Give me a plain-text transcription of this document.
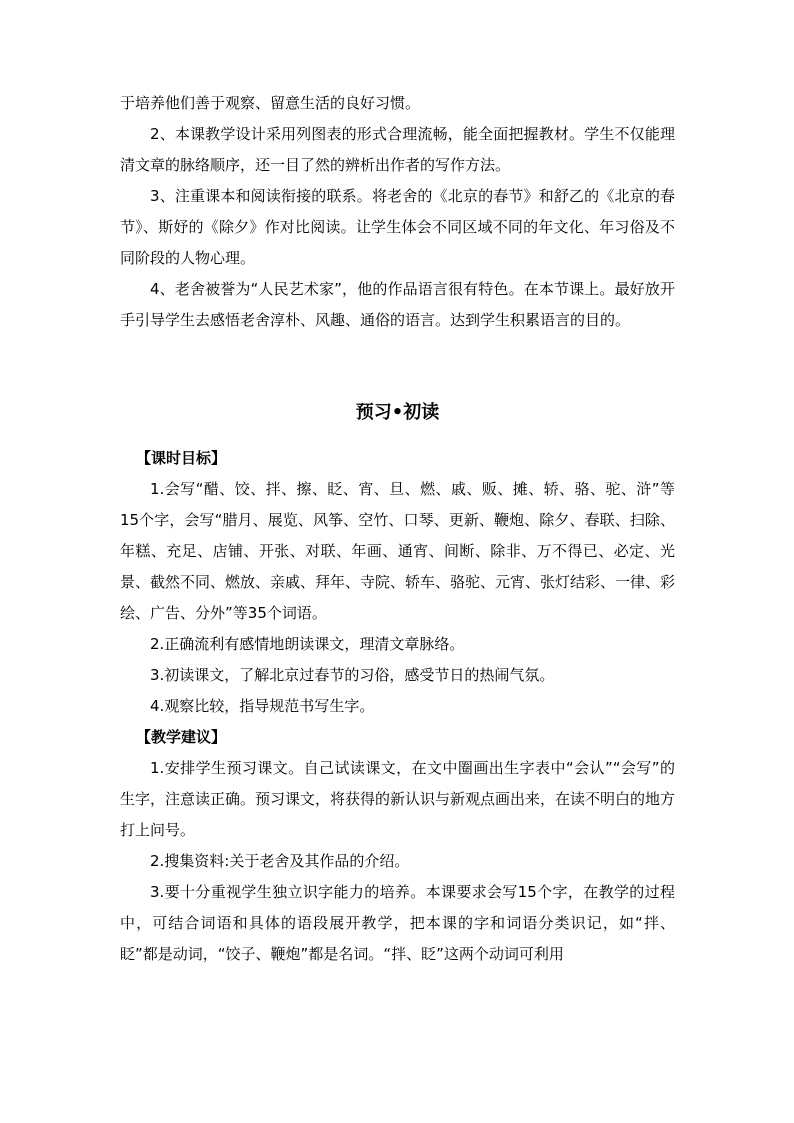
于培养他们善于观察、留意生活的良好习惯。

2、本课教学设计采用列图表的形式合理流畅，能全面把握教材。学生不仅能理清文章的脉络顺序，还一目了然的辨析出作者的写作方法。

3、注重课本和阅读衔接的联系。将老舍的《北京的春节》和舒乙的《北京的春节》、斯妤的《除夕》作对比阅读。让学生体会不同区域不同的年文化、年习俗及不同阶段的人物心理。

4、老舍被誉为“人民艺术家”，他的作品语言很有特色。在本节课上。最好放开手引导学生去感悟老舍淳朴、风趣、通俗的语言。达到学生积累语言的目的。

预习•初读

【课时目标】

1.会写“醋、饺、拌、擦、眨、宵、旦、燃、戚、贩、摊、轿、骆、驼、浒”等15个字，会写“腊月、展览、风筝、空竹、口琴、更新、鞭炮、除夕、春联、扫除、年糕、充足、店铺、开张、对联、年画、通宵、间断、除非、万不得已、必定、光景、截然不同、燃放、亲戚、拜年、寺院、轿车、骆驼、元宵、张灯结彩、一律、彩绘、广告、分外”等35个词语。

2.正确流利有感情地朗读课文，理清文章脉络。

3.初读课文，了解北京过春节的习俗，感受节日的热闹气氛。

4.观察比较，指导规范书写生字。

【教学建议】

1.安排学生预习课文。自己试读课文，在文中圈画出生字表中“会认”“会写”的生字，注意读正确。预习课文，将获得的新认识与新观点画出来，在读不明白的地方打上问号。

2.搜集资料:关于老舍及其作品的介绍。

3.要十分重视学生独立识字能力的培养。本课要求会写15个字，在教学的过程中，可结合词语和具体的语段展开教学，把本课的字和词语分类识记，如“拌、眨”都是动词，“饺子、鞭炮”都是名词。“拌、眨”这两个动词可利用
